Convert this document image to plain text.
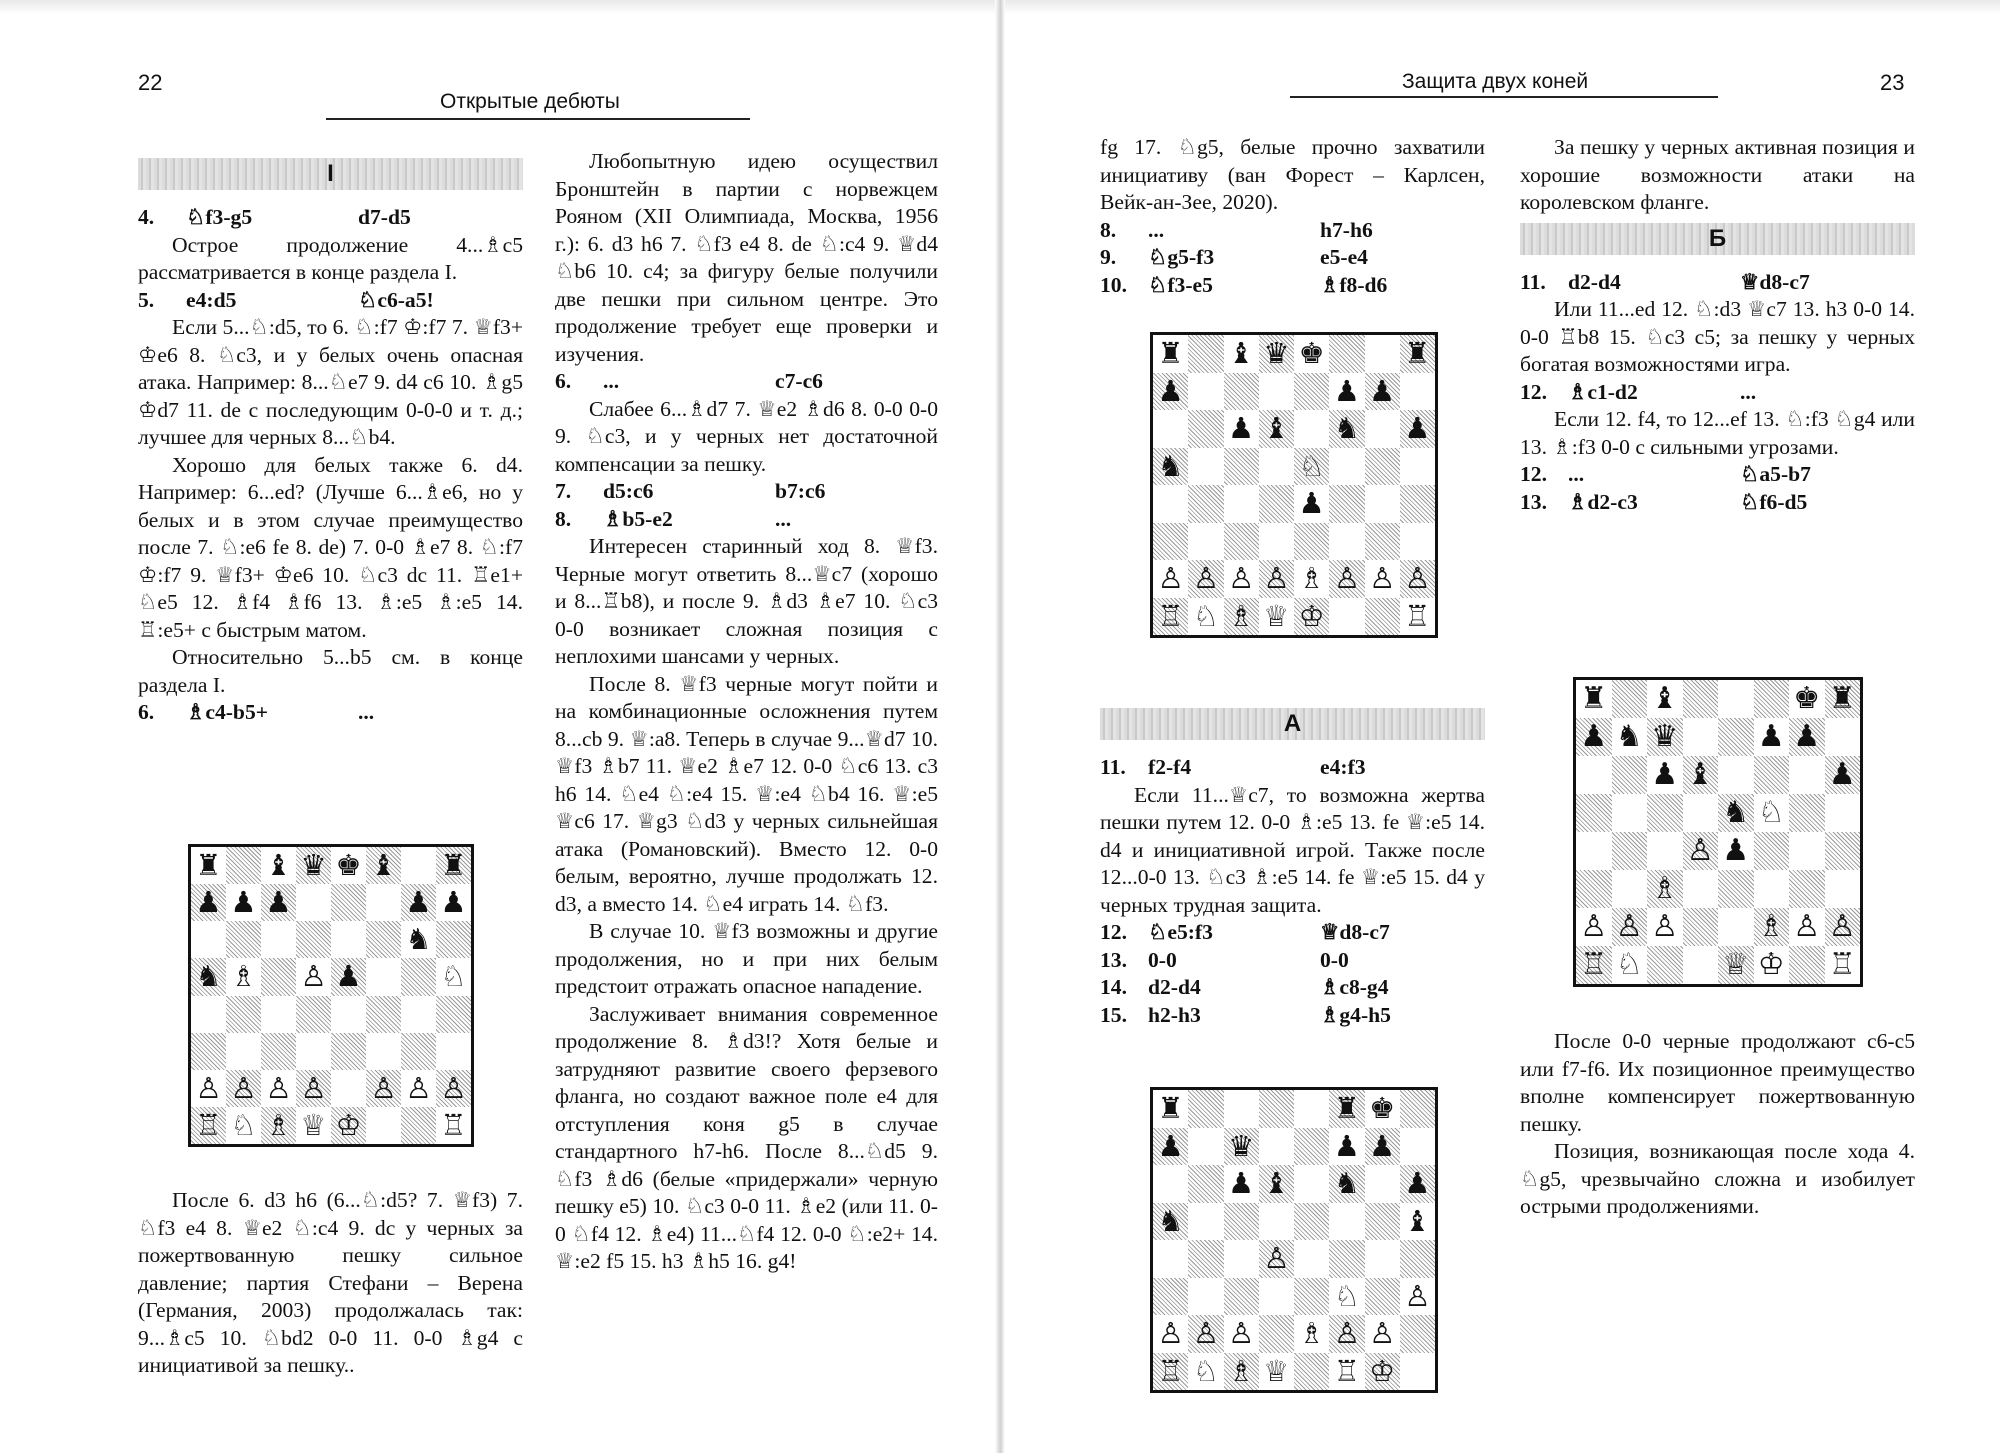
22
Открытые дебюты
I
4. ♘f3-g5	d7-d5

Острое продолжение 4...♗c5 рассматривается в конце раздела I.

5. e4:d5	♘c6-a5!

Если 5...♘:d5, то 6. ♘:f7 ♔:f7 7. ♕f3+ ♔e6 8. ♘c3, и у белых очень опасная атака. Например: 8...♘e7 9. d4 c6 10. ♗g5 ♔d7 11. de с последующим 0-0-0 и т. д.; лучшее для черных 8...♘b4.

Хорошо для белых также 6. d4. Например: 6...ed? (Лучше 6...♗e6, но у белых и в этом случае преимущество после 7. ♘:e6 fe 8. de) 7. 0-0 ♗e7 8. ♘:f7 ♔:f7 9. ♕f3+ ♔e6 10. ♘c3 dc 11. ♖e1+ ♘e5 12. ♗f4 ♗f6 13. ♗:e5 ♗:e5 14. ♖:e5+ с быстрым матом.

Относительно 5...b5 см. в конце раздела I.

6. ♗c4-b5+	...
♜ ♝ ♛ ♚ ♝ ♜
♟ ♟ ♟	♟ ♟
♞
♞ ♗ ♙ ♟	♘
♙ ♙ ♙ ♙ ♙ ♙ ♙
♖ ♘ ♗ ♕ ♔	♖

После 6. d3 h6 (6...♘:d5? 7. ♕f3) 7. ♘f3 e4 8. ♕e2 ♘:c4 9. dc у черных за пожертвованную пешку сильное давление; партия Стефани – Верена (Германия, 2003) продолжалась так: 9...♗c5 10. ♘bd2 0-0 11. 0-0 ♗g4 с инициативой за пешку..

Любопытную идею осуществил Бронштейн в партии с норвежцем Рояном (XII Олимпиада, Москва, 1956 г.): 6. d3 h6 7. ♘f3 e4 8. de ♘:c4 9. ♕d4 ♘b6 10. c4; за фигуру белые получили две пешки при сильном центре. Это продолжение требует еще проверки и изучения.

6. ...	c7-c6

Слабее 6...♗d7 7. ♕e2 ♗d6 8. 0-0 0-0 9. ♘c3, и у черных нет достаточной компенсации за пешку.

7. d5:c6	b7:c6
8. ♗b5-e2	...

Интересен старинный ход 8. ♕f3. Черные могут ответить 8...♕c7 (хорошо и 8...♖b8), и после 9. ♗d3 ♗e7 10. ♘c3 0-0 возникает сложная позиция с неплохими шансами у черных.

После 8. ♕f3 черные могут пойти и на комбинационные осложнения путем 8...cb 9. ♕:a8. Теперь в случае 9...♕d7 10. ♕f3 ♗b7 11. ♕e2 ♗e7 12. 0-0 ♘c6 13. c3 h6 14. ♘e4 ♘:e4 15. ♕:e4 ♘b4 16. ♕:e5 ♕c6 17. ♕g3 ♘d3 у черных сильнейшая атака (Романовский). Вместо 12. 0-0 белым, вероятно, лучше продолжать 12. d3, а вместо 14. ♘e4 играть 14. ♘f3.

В случае 10. ♕f3 возможны и другие продолжения, но и при них белым предстоит отражать опасное нападение.

Заслуживает внимания современное продолжение 8. ♗d3!? Хотя белые и затрудняют развитие своего ферзевого фланга, но создают важное поле e4 для отступления коня g5 в случае стандартного h7-h6. После 8...♘d5 9. ♘f3 ♗d6 (белые «придержали» черную пешку e5) 10. ♘c3 0-0 11. ♗e2 (или 11. 0-0 ♘f4 12. ♗e4) 11...♘f4 12. 0-0 ♘:e2+ 14. ♕:e2 f5 15. h3 ♗h5 16. g4!

Защита двух коней	23

fg 17. ♘g5, белые прочно захватили инициативу (ван Форест – Карлсен, Вейк-ан-Зее, 2020).

8. ...	h7-h6
9. ♘g5-f3	e5-e4
10. ♘f3-e5	♗f8-d6
♜ ♝ ♛ ♚	♜
♟	♟ ♟
♟ ♝ ♞ ♟
♞	♘
♟
♙ ♙ ♙ ♙ ♗ ♙ ♙ ♙
♖ ♘ ♗ ♕ ♔	♖
А
11. f2-f4	e4:f3

Если 11...♕c7, то возможна жертва пешки путем 12. 0-0 ♗:e5 13. fe ♕:e5 14. d4 и инициативной игрой. Также после 12...0-0 13. ♘c3 ♗:e5 14. fe ♕:e5 15. d4 у черных трудная защита.

12. ♘e5:f3	♕d8-c7
13. 0-0	0-0
14. d2-d4	♗c8-g4
15. h2-h3	♗g4-h5
♜	♜ ♚
♟ ♛	♟ ♟
♟ ♝ ♞ ♟
♞	♝
♙
♘ ♙
♙ ♙ ♙ ♗ ♙ ♙
♖ ♘ ♗ ♕ ♖ ♔

За пешку у черных активная позиция и хорошие возможности атаки на королевском фланге.

Б
11. d2-d4	♕d8-c7

Или 11...ed 12. ♘:d3 ♕c7 13. h3 0-0 14. 0-0 ♖b8 15. ♘c3 c5; за пешку у черных богатая возможностями игра.

12. ♗c1-d2	...

Если 12. f4, то 12...ef 13. ♘:f3 ♘g4 или 13. ♗:f3 0-0 с сильными угрозами.

12. ...	♘a5-b7
13. ♗d2-c3	♘f6-d5
♜ ♝	♚ ♜
♟ ♞ ♛	♟ ♟
♟ ♝	♟
♞ ♘
♙ ♟
♗
♙ ♙ ♙	♗ ♙ ♙
♖ ♘	♕ ♔ ♖

После 0-0 черные продолжают c6-c5 или f7-f6. Их позиционное преимущество вполне компенсирует пожертвованную пешку.

Позиция, возникающая после хода 4. ♘g5, чрезвычайно сложна и изобилует острыми продолжениями.
